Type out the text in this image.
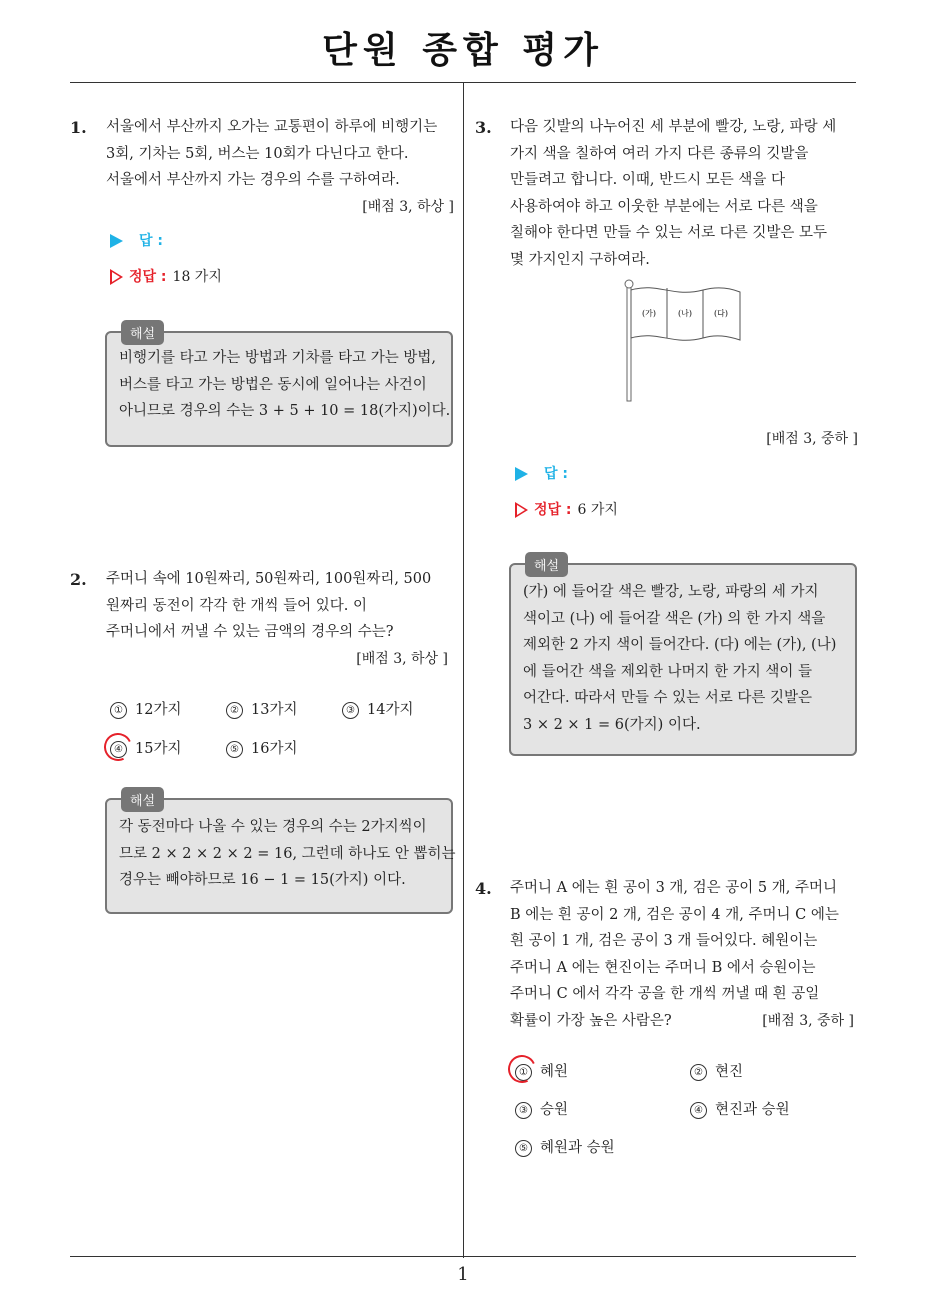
단원 종합 평가
1
1. 서울에서 부산까지 오가는 교통편이 하루에 비행기는
3회, 기차는 5회, 버스는 10회가 다닌다고 한다.
서울에서 부산까지 가는 경우의 수를 구하여라.
[배점 3, 하상 ]
답 :
정답 : 18 가지
해설
비행기를 타고 가는 방법과 기차를 타고 가는 방법,
버스를 타고 가는 방법은 동시에 일어나는 사건이
아니므로 경우의 수는 3 + 5 + 10 = 18(가지)이다.
2. 주머니 속에 10원짜리, 50원짜리, 100원짜리, 500
원짜리 동전이 각각 한 개씩 들어 있다. 이
주머니에서 꺼낼 수 있는 금액의 경우의 수는?
[배점 3, 하상 ]
① 12가지	② 13가지	③ 14가지
④ 15가지	⑤ 16가지
해설
각 동전마다 나올 수 있는 경우의 수는 2가지씩이
므로 2 × 2 × 2 × 2 = 16, 그런데 하나도 안 뽑히는
경우는 빼야하므로 16 − 1 = 15(가지) 이다.
3. 다음 깃발의 나누어진 세 부분에 빨강, 노랑, 파랑 세
가지 색을 칠하여 여러 가지 다른 종류의 깃발을
만들려고 합니다. 이때, 반드시 모든 색을 다
사용하여야 하고 이웃한 부분에는 서로 다른 색을
칠해야 한다면 만들 수 있는 서로 다른 깃발은 모두
몇 가지인지 구하여라.
(가)	(나)	(다)
[배점 3, 중하 ]
답 :
정답 : 6 가지
해설
(가) 에 들어갈 색은 빨강, 노랑, 파랑의 세 가지
색이고 (나) 에 들어갈 색은 (가) 의 한 가지 색을
제외한 2 가지 색이 들어간다. (다) 에는 (가), (나)
에 들어간 색을 제외한 나머지 한 가지 색이 들
어간다. 따라서 만들 수 있는 서로 다른 깃발은
3 × 2 × 1 = 6(가지) 이다.
4. 주머니 A 에는 흰 공이 3 개, 검은 공이 5 개, 주머니
B 에는 흰 공이 2 개, 검은 공이 4 개, 주머니 C 에는
흰 공이 1 개, 검은 공이 3 개 들어있다. 혜원이는
주머니 A 에는 현진이는 주머니 B 에서 승원이는
주머니 C 에서 각각 공을 한 개씩 꺼낼 때 흰 공일
확률이 가장 높은 사람은?	[배점 3, 중하 ]
① 혜원	② 현진
③ 승원	④ 현진과 승원
⑤ 혜원과 승원
